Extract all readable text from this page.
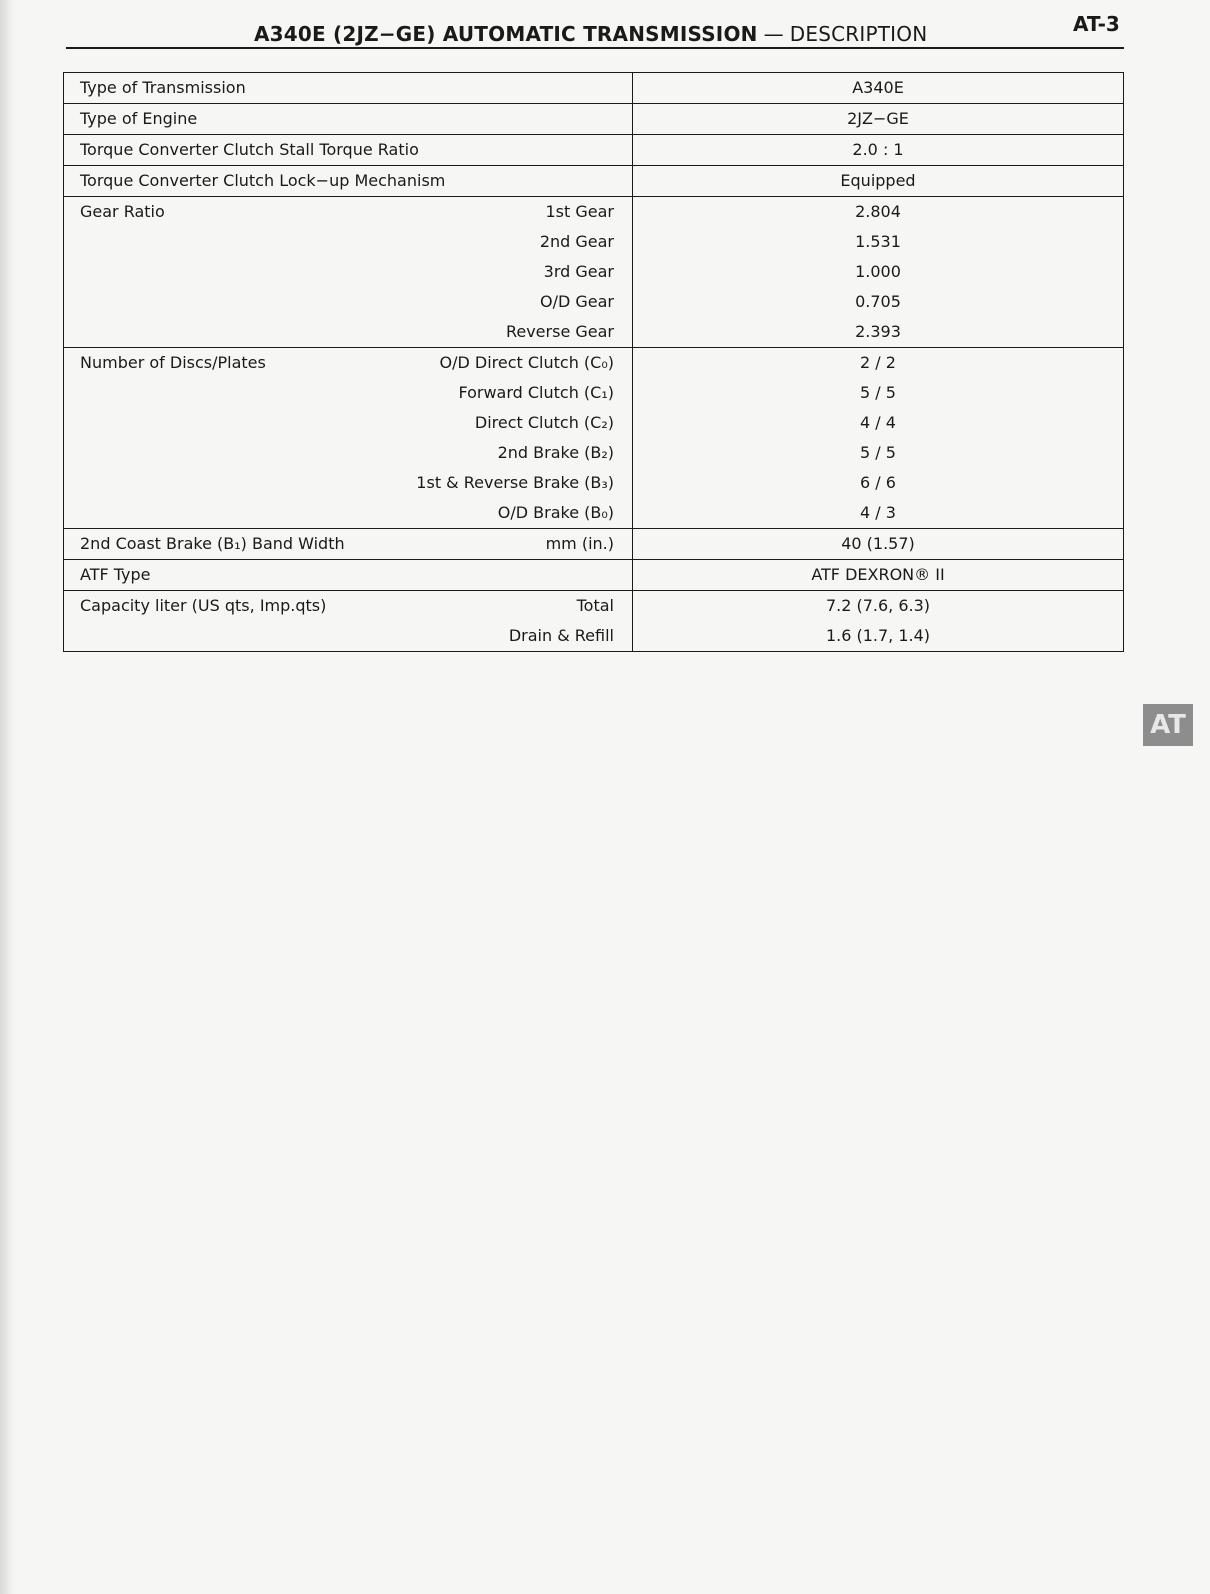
A340E (2JZ−GE) AUTOMATIC TRANSMISSION — DESCRIPTION	AT-3
Type of Transmission	A340E

Type of Engine	2JZ−GE

Torque Converter Clutch Stall Torque Ratio	2.0 : 1

Torque Converter Clutch Lock−up Mechanism	Equipped

Gear Ratio 1st Gear	2.804

2nd Gear	1.531

3rd Gear	1.000

O/D Gear	0.705

Reverse Gear	2.393

Number of Discs/Plates O/D Direct Clutch (C₀)	2 / 2

Forward Clutch (C₁)	5 / 5

Direct Clutch (C₂)	4 / 4

2nd Brake (B₂)	5 / 5

1st & Reverse Brake (B₃)	6 / 6

O/D Brake (B₀)	4 / 3

2nd Coast Brake (B₁) Band Width mm (in.)	40 (1.57)

ATF Type	ATF DEXRON® II

Capacity liter (US qts, Imp.qts) Total	7.2 (7.6, 6.3)

Drain & Refill	1.6 (1.7, 1.4)
AT
